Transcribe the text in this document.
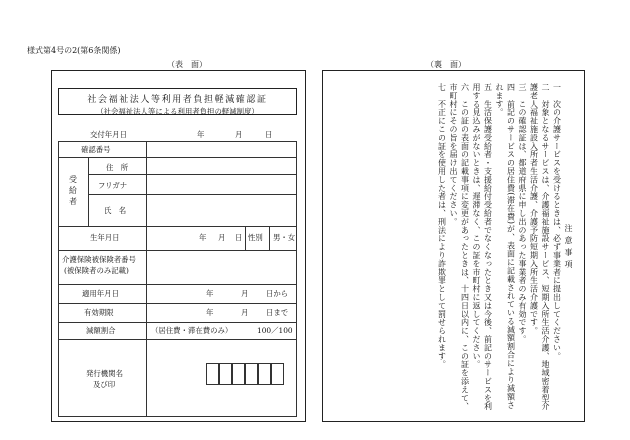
様式第4号の2(第6条関係)
（表　面）	（裏　面）
社会福祉法人等利用者負担軽減確認証
（社会福祉法人等による利用者負担の軽減制度）
交付年月日	年	月	日
確認番号
受給者
住　所
フリガナ
氏　名
生年月日	年 月 日 性別 男・女
介護保険被保険者番号
(被保険者のみ記載)
適用年月日	年	月 日から
有効期限	年	月 日まで
減額割合	（居住費・滞在費のみ）	100／100
発行機関名
及び印

注意事項

一　次の介護サービスを受けるときは、必ず事業者に提出してください。

二　対象となるサービスは、介護福祉施設サービス、短期入所生活介護、地域密着型介護老人福祉施設入所者生活介護、介護予防短期入所生活介護です。

三　この確認証は、都道府県に申し出のあった事業者のみ有効です。

四　前記のサービスの居住費(滞在費)が、表面に記載されている減額割合により減額されます。

五　生活保護受給者・支援給付受給者でなくなったとき又は今後、前記のサービスを利用する見込みがないときは、遅滞なく、この証を市町村に返してください。

六　この証の表面の記載事項に変更があったときは、十四日以内に、この証を添えて、市町村にその旨を届け出てください。

七　不正にこの証を使用した者は、刑法により詐欺罪として罰せられます。
